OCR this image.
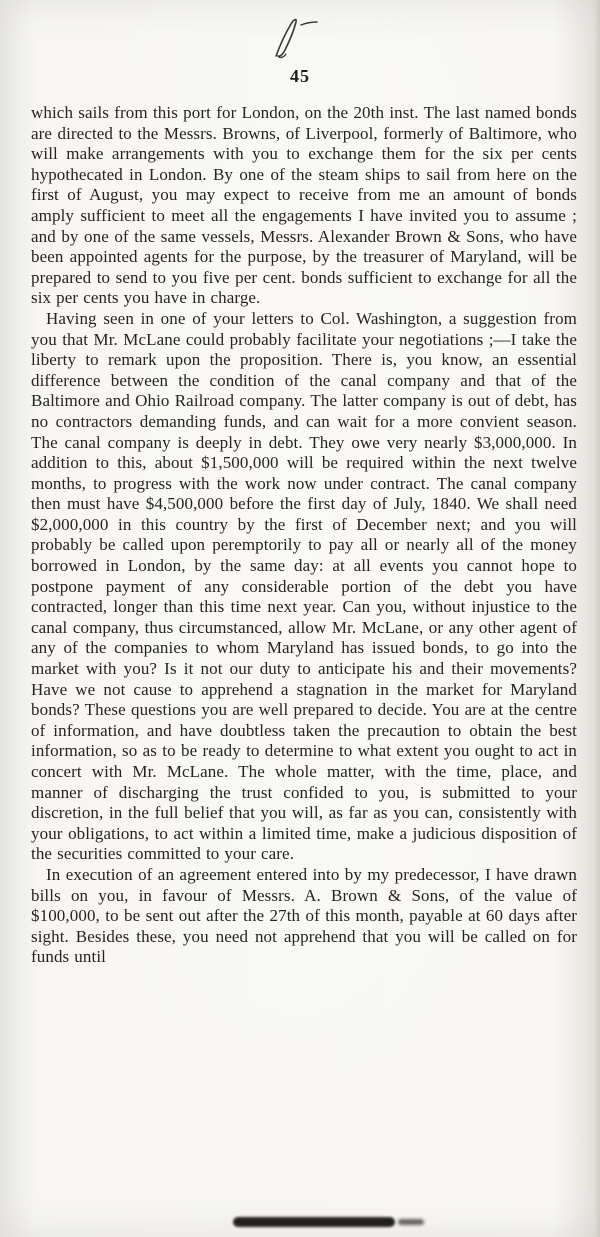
45

which sails from this port for London, on the 20th inst. The last named bonds are directed to the Messrs. Browns, of Liverpool, formerly of Baltimore, who will make arrangements with you to exchange them for the six per cents hypothecated in London. By one of the steam ships to sail from here on the first of August, you may expect to receive from me an amount of bonds amply sufficient to meet all the engagements I have invited you to assume ; and by one of the same vessels, Messrs. Alexander Brown & Sons, who have been appointed agents for the purpose, by the treasurer of Maryland, will be prepared to send to you five per cent. bonds sufficient to exchange for all the six per cents you have in charge.

Having seen in one of your letters to Col. Washington, a suggestion from you that Mr. McLane could probably facilitate your negotiations ;—I take the liberty to remark upon the proposition. There is, you know, an essential difference between the condition of the canal company and that of the Baltimore and Ohio Railroad company. The latter company is out of debt, has no contractors demanding funds, and can wait for a more convient season. The canal company is deeply in debt. They owe very nearly $3,000,000. In addition to this, about $1,500,000 will be required within the next twelve months, to progress with the work now under contract. The canal company then must have $4,500,000 before the first day of July, 1840. We shall need $2,000,000 in this country by the first of December next; and you will probably be called upon peremptorily to pay all or nearly all of the money borrowed in London, by the same day: at all events you cannot hope to postpone payment of any considerable portion of the debt you have contracted, longer than this time next year. Can you, without injustice to the canal company, thus circumstanced, allow Mr. McLane, or any other agent of any of the companies to whom Maryland has issued bonds, to go into the market with you? Is it not our duty to anticipate his and their movements? Have we not cause to apprehend a stagnation in the market for Maryland bonds? These questions you are well prepared to decide. You are at the centre of information, and have doubtless taken the precaution to obtain the best information, so as to be ready to determine to what extent you ought to act in concert with Mr. McLane. The whole matter, with the time, place, and manner of discharging the trust confided to you, is submitted to your discretion, in the full belief that you will, as far as you can, consistently with your obligations, to act within a limited time, make a judicious disposition of the securities committed to your care.

In execution of an agreement entered into by my predecessor, I have drawn bills on you, in favour of Messrs. A. Brown & Sons, of the value of $100,000, to be sent out after the 27th of this month, payable at 60 days after sight. Besides these, you need not apprehend that you will be called on for funds until
